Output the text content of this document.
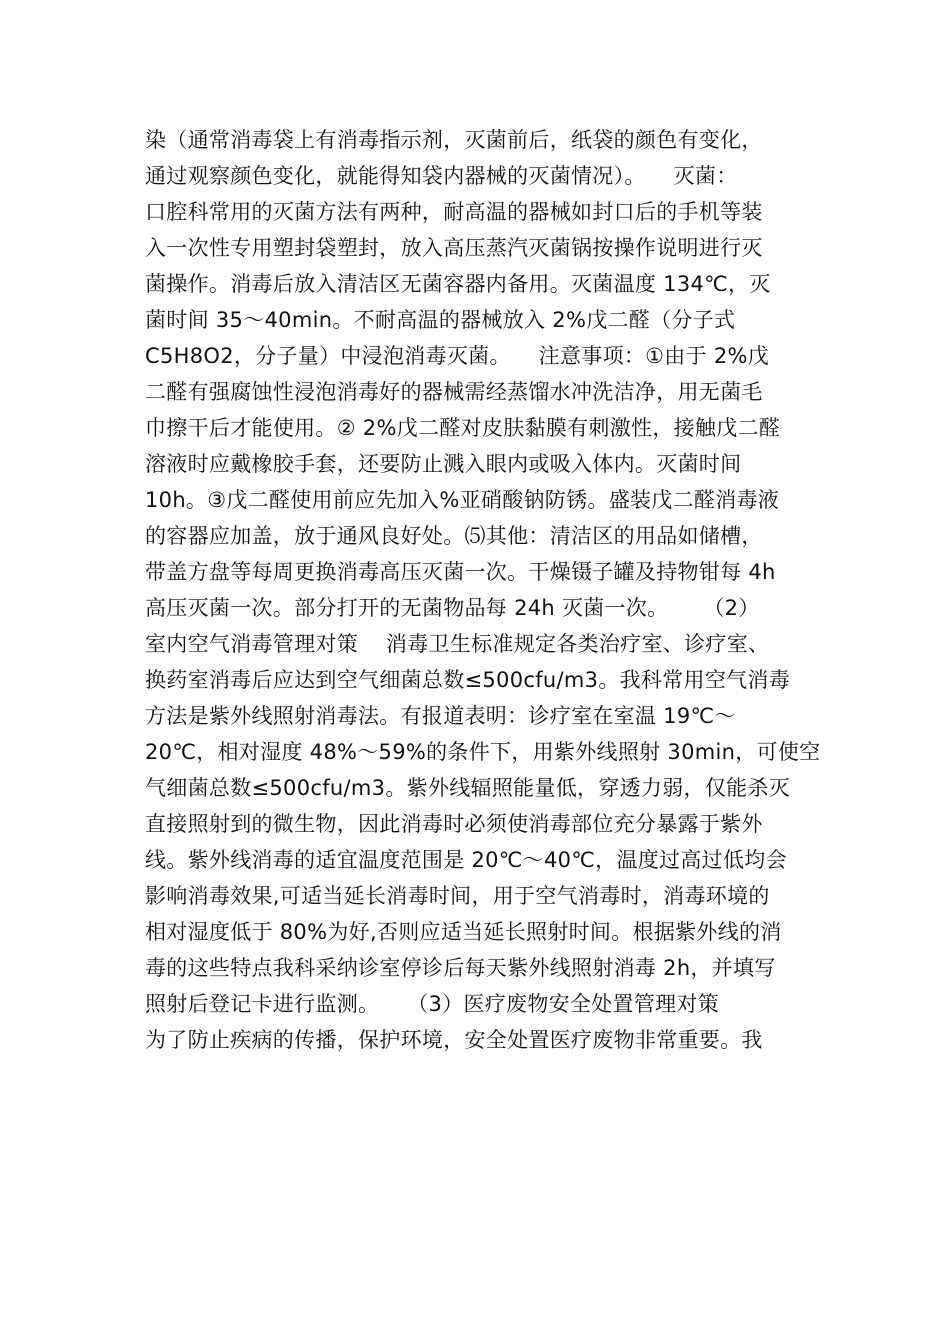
染（通常消毒袋上有消毒指示剂，灭菌前后，纸袋的颜色有变化，
通过观察颜色变化，就能得知袋内器械的灭菌情况）。    灭菌：
口腔科常用的灭菌方法有两种，耐高温的器械如封口后的手机等装
入一次性专用塑封袋塑封，放入高压蒸汽灭菌锅按操作说明进行灭
菌操作。消毒后放入清洁区无菌容器内备用。灭菌温度 134℃，灭
菌时间 35～40min。不耐高温的器械放入 2%戊二醛（分子式
C5H8O2，分子量）中浸泡消毒灭菌。    注意事项：①由于 2%戊
二醛有强腐蚀性浸泡消毒好的器械需经蒸馏水冲洗洁净，用无菌毛
巾擦干后才能使用。② 2%戊二醛对皮肤黏膜有刺激性，接触戊二醛
溶液时应戴橡胶手套，还要防止溅入眼内或吸入体内。灭菌时间
10h。③戊二醛使用前应先加入%亚硝酸钠防锈。盛装戊二醛消毒液
的容器应加盖，放于通风良好处。⑸其他：清洁区的用品如储槽，
带盖方盘等每周更换消毒高压灭菌一次。干燥镊子罐及持物钳每 4h
高压灭菌一次。部分打开的无菌物品每 24h 灭菌一次。     （2）
室内空气消毒管理对策    消毒卫生标准规定各类治疗室、诊疗室、
换药室消毒后应达到空气细菌总数≤500cfu/m3。我科常用空气消毒
方法是紫外线照射消毒法。有报道表明：诊疗室在室温 19℃～
20℃，相对湿度 48%～59%的条件下，用紫外线照射 30min，可使空
气细菌总数≤500cfu/m3。紫外线辐照能量低，穿透力弱，仅能杀灭
直接照射到的微生物，因此消毒时必须使消毒部位充分暴露于紫外
线。紫外线消毒的适宜温度范围是 20℃～40℃，温度过高过低均会
影响消毒效果,可适当延长消毒时间，用于空气消毒时，消毒环境的
相对湿度低于 80%为好,否则应适当延长照射时间。根据紫外线的消
毒的这些特点我科采纳诊室停诊后每天紫外线照射消毒 2h，并填写
照射后登记卡进行监测。    （3）医疗废物安全处置管理对策
为了防止疾病的传播，保护环境，安全处置医疗废物非常重要。我
